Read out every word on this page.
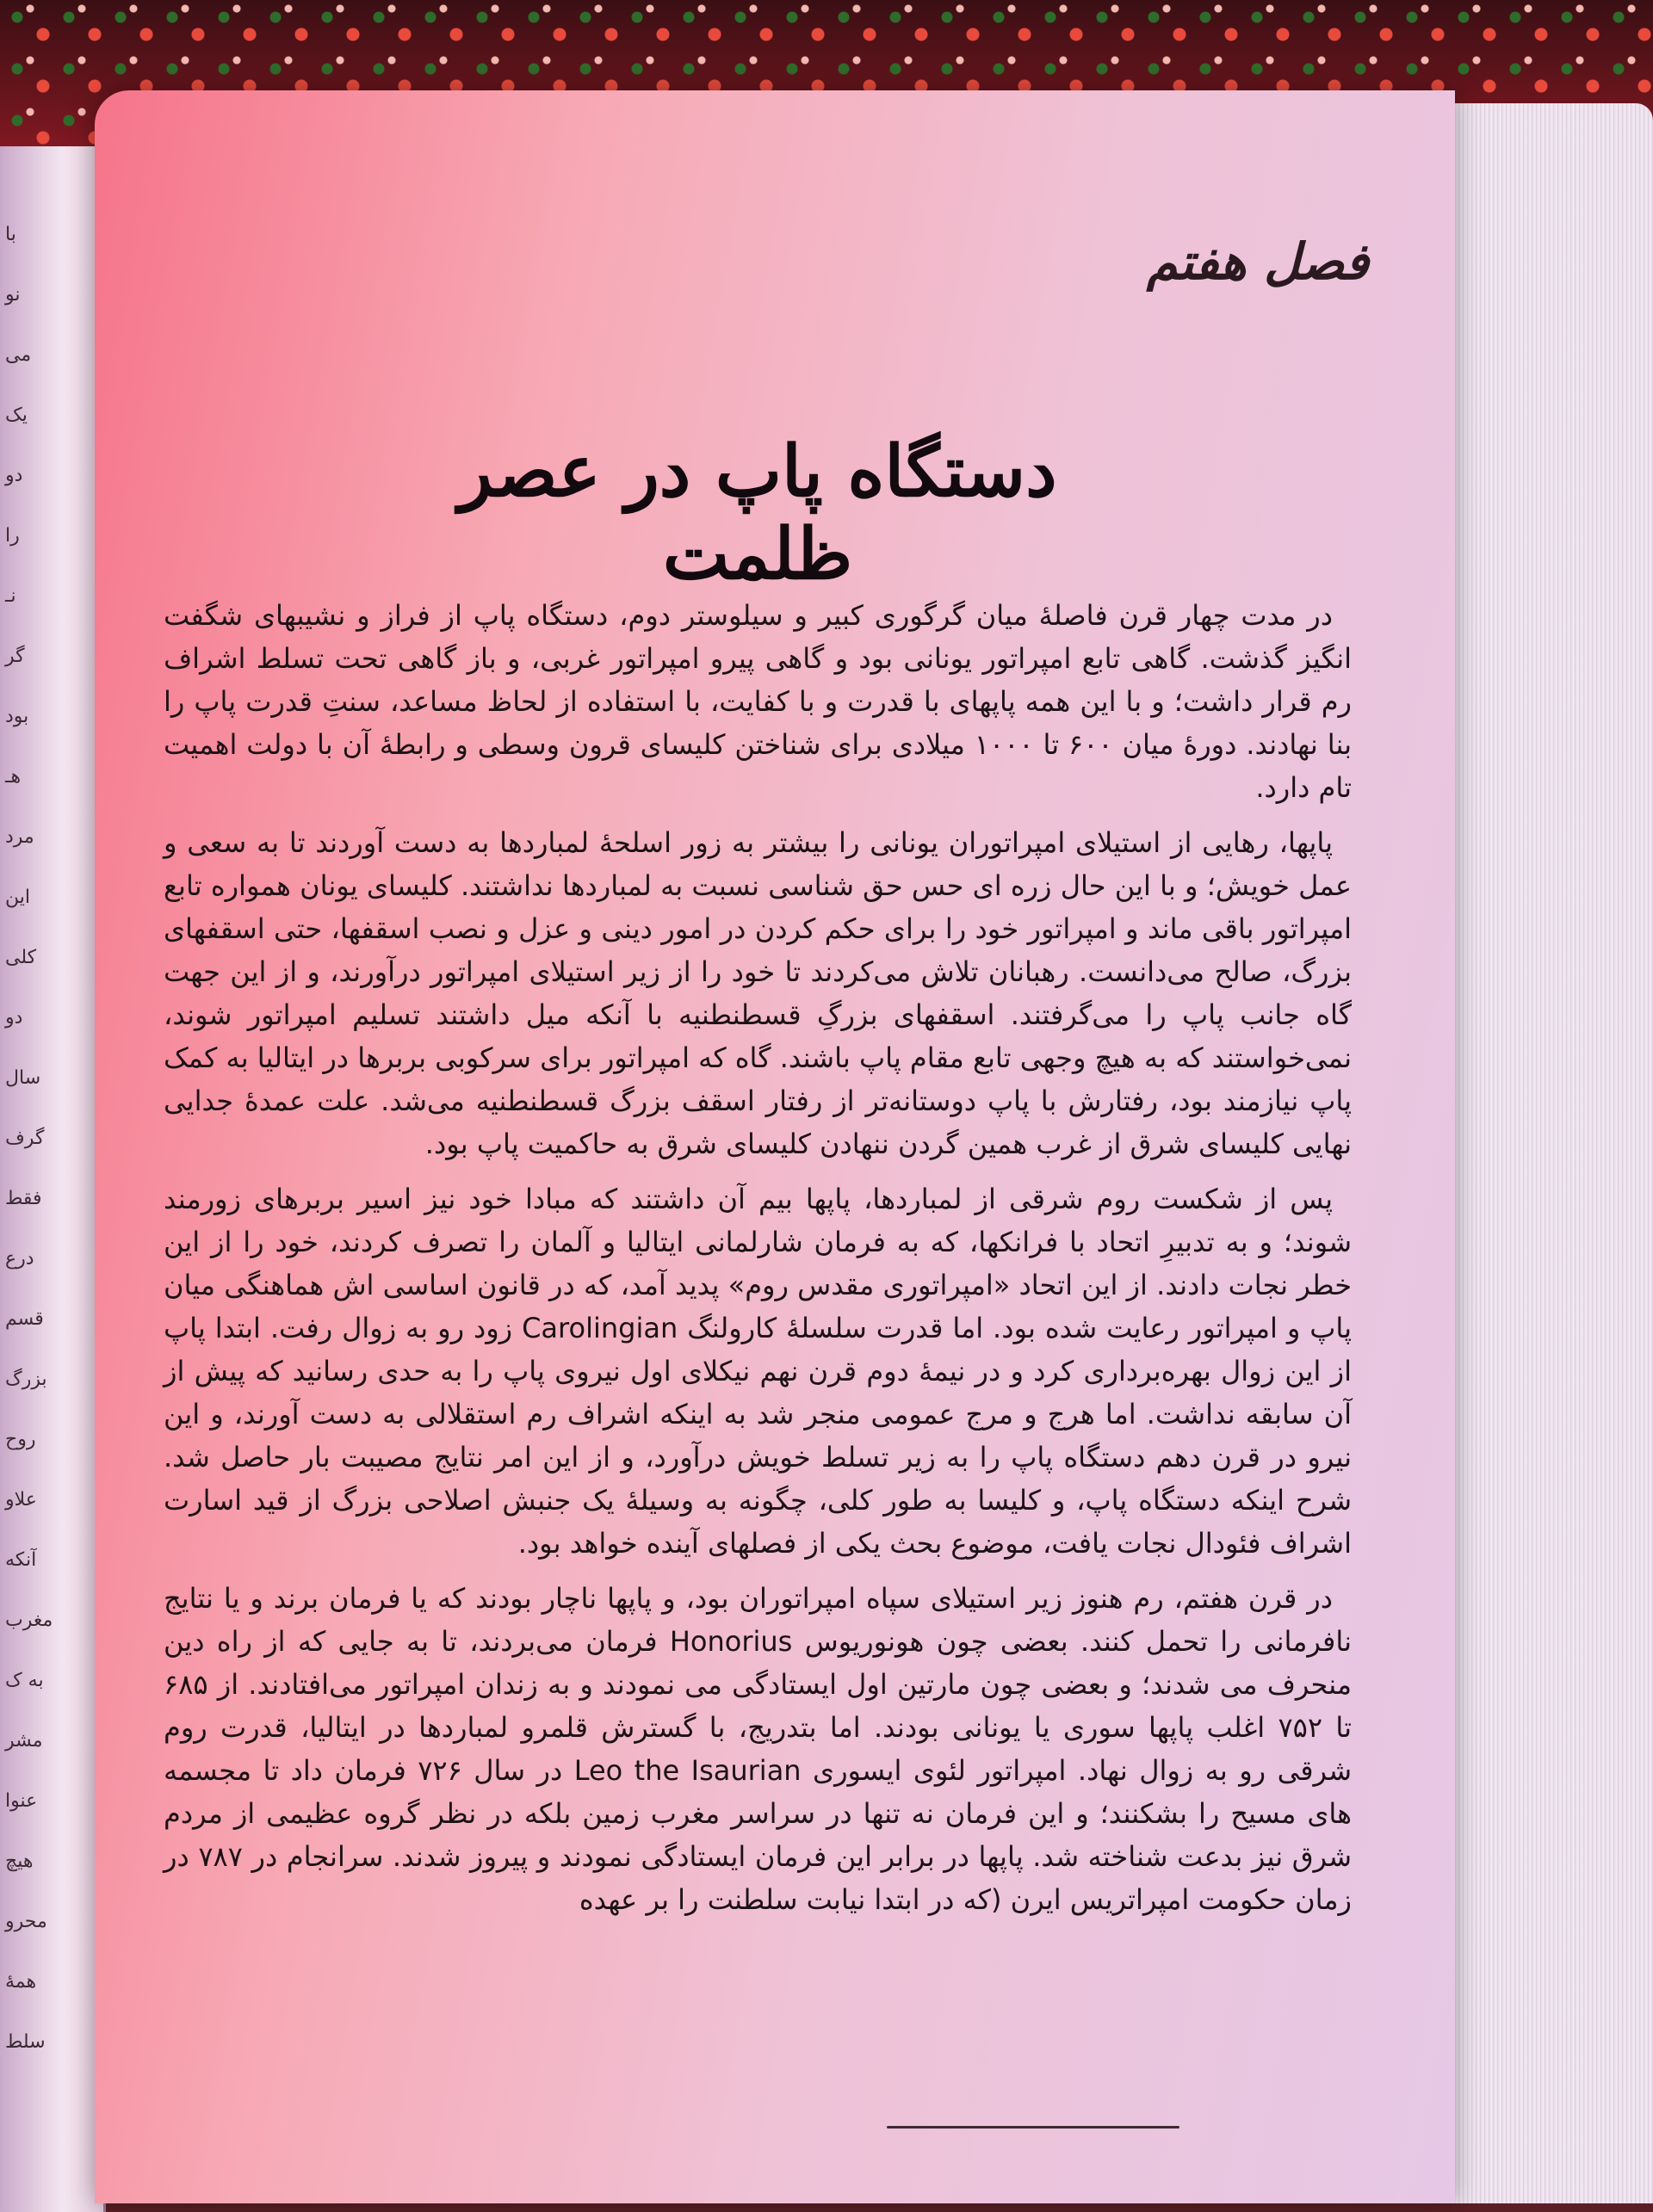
با
نو
می
یک
دو
را
نـ
گر
بود
هـ
مرد
این
کلی
دو
سال
گرف
فقط
درع
قسم
بزرگ
روح
علاو
آنکه
مغرب
به ک
مشر
عنوا
هیچ
محرو
همهٔ
سلط
فصل هفتم
دستگاه پاپ در عصر ظلمت

در مدت چهار قرن فاصلهٔ میان گرگوری کبیر و سیلوستر دوم، دستگاه پاپ از فراز و نشیبهای شگفت انگیز گذشت. گاهی تابع امپراتور یونانی بود و گاهی پیرو امپراتور غربی، و باز گاهی تحت تسلط اشراف رم قرار داشت؛ و با این همه پاپهای با قدرت و با کفایت، با استفاده از لحاظ مساعد، سنتِ قدرت پاپ را بنا نهادند. دورهٔ میان ۶۰۰ تا ۱۰۰۰ میلادی برای شناختن کلیسای قرون وسطی و رابطهٔ آن با دولت اهمیت تام دارد.

پاپها، رهایی از استیلای امپراتوران یونانی را بیشتر به زور اسلحهٔ لمباردها به دست آوردند تا به سعی و عمل خویش؛ و با این حال زره ای حس حق شناسی نسبت به لمباردها نداشتند. کلیسای یونان همواره تابع امپراتور باقی ماند و امپراتور خود را برای حکم کردن در امور دینی و عزل و نصب اسقفها، حتی اسقفهای بزرگ، صالح می‌دانست. رهبانان تلاش می‌کردند تا خود را از زیر استیلای امپراتور درآورند، و از این جهت گاه جانب پاپ را می‌گرفتند. اسقفهای بزرگِ قسطنطنیه با آنکه میل داشتند تسلیم امپراتور شوند، نمی‌خواستند که به هیچ وجهی تابع مقام پاپ باشند. گاه که امپراتور برای سرکوبی بربرها در ایتالیا به کمک پاپ نیازمند بود، رفتارش با پاپ دوستانه‌تر از رفتار اسقف بزرگ قسطنطنیه می‌شد. علت عمدهٔ جدایی نهایی کلیسای شرق از غرب همین گردن ننهادن کلیسای شرق به حاکمیت پاپ بود.

پس از شکست روم شرقی از لمباردها، پاپها بیم آن داشتند که مبادا خود نیز اسیر بربرهای زورمند شوند؛ و به تدبیرِ اتحاد با فرانکها، که به فرمان شارلمانی ایتالیا و آلمان را تصرف کردند، خود را از این خطر نجات دادند. از این اتحاد «امپراتوری مقدس روم» پدید آمد، که در قانون اساسی اش هماهنگی میان پاپ و امپراتور رعایت شده بود. اما قدرت سلسلهٔ کارولنگ Carolingian زود رو به زوال رفت. ابتدا پاپ از این زوال بهره‌برداری کرد و در نیمهٔ دوم قرن نهم نیکلای اول نیروی پاپ را به حدی رسانید که پیش از آن سابقه نداشت. اما هرج و مرج عمومی منجر شد به اینکه اشراف رم استقلالی به دست آورند، و این نیرو در قرن دهم دستگاه پاپ را به زیر تسلط خویش درآورد، و از این امر نتایج مصیبت بار حاصل شد. شرح اینکه دستگاه پاپ، و کلیسا به طور کلی، چگونه به وسیلهٔ یک جنبش اصلاحی بزرگ از قید اسارت اشراف فئودال نجات یافت، موضوع بحث یکی از فصلهای آینده خواهد بود.

در قرن هفتم، رم هنوز زیر استیلای سپاه امپراتوران بود، و پاپها ناچار بودند که یا فرمان برند و یا نتایج نافرمانی را تحمل کنند. بعضی چون هونوریوس Honorius فرمان می‌بردند، تا به جایی که از راه دین منحرف می شدند؛ و بعضی چون مارتین اول ایستادگی می نمودند و به زندان امپراتور می‌افتادند. از ۶۸۵ تا ۷۵۲ اغلب پاپها سوری یا یونانی بودند. اما بتدریج، با گسترش قلمرو لمباردها در ایتالیا، قدرت روم شرقی رو به زوال نهاد. امپراتور لئوی ایسوری Leo the Isaurian در سال ۷۲۶ فرمان داد تا مجسمه های مسیح را بشکنند؛ و این فرمان نه تنها در سراسر مغرب زمین بلکه در نظر گروه عظیمی از مردم شرق نیز بدعت شناخته شد. پاپها در برابر این فرمان ایستادگی نمودند و پیروز شدند. سرانجام در ۷۸۷ در زمان حکومت امپراتریس ایرن (که در ابتدا نیابت سلطنت را بر عهده
